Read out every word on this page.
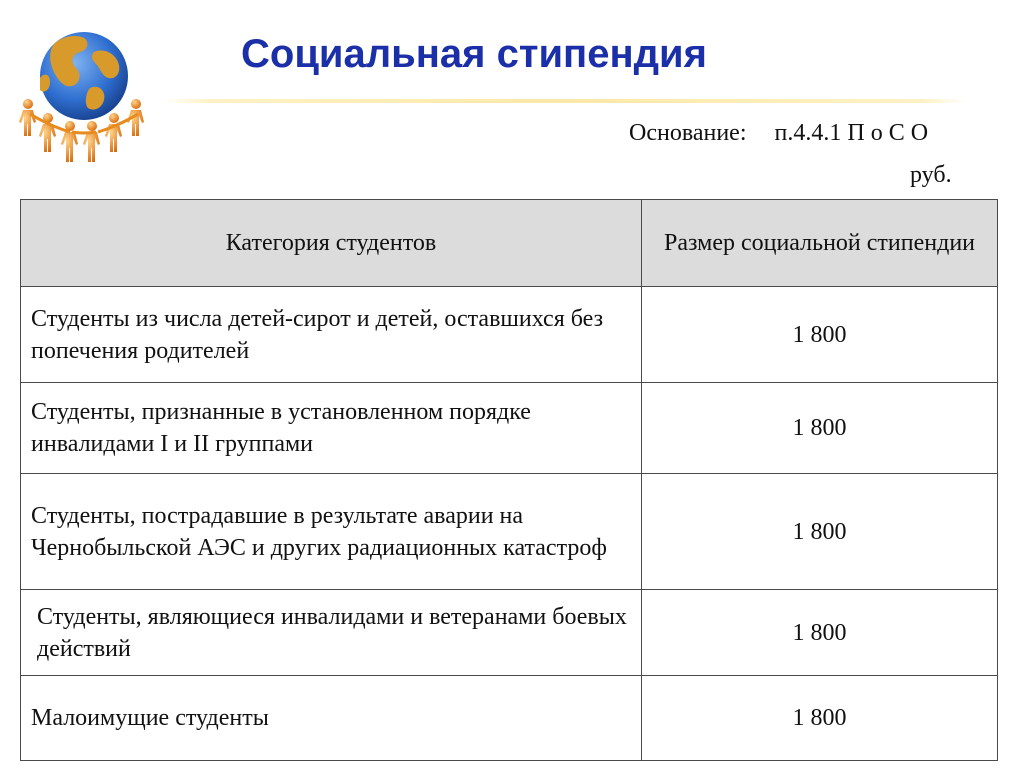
Социальная стипендия
Основание: п.4.4.1 П о С О
руб.
Категория студентов	Размер социальной стипендии
Студенты из числа детей-сирот и детей, оставшихся без попечения родителей	1 800
Студенты, признанные в установленном порядке инвалидами I и II группами	1 800
Студенты, пострадавшие в результате аварии на Чернобыльской АЭС и других радиационных катастроф	1 800
Студенты, являющиеся инвалидами и ветеранами боевых действий	1 800
Малоимущие студенты	1 800
